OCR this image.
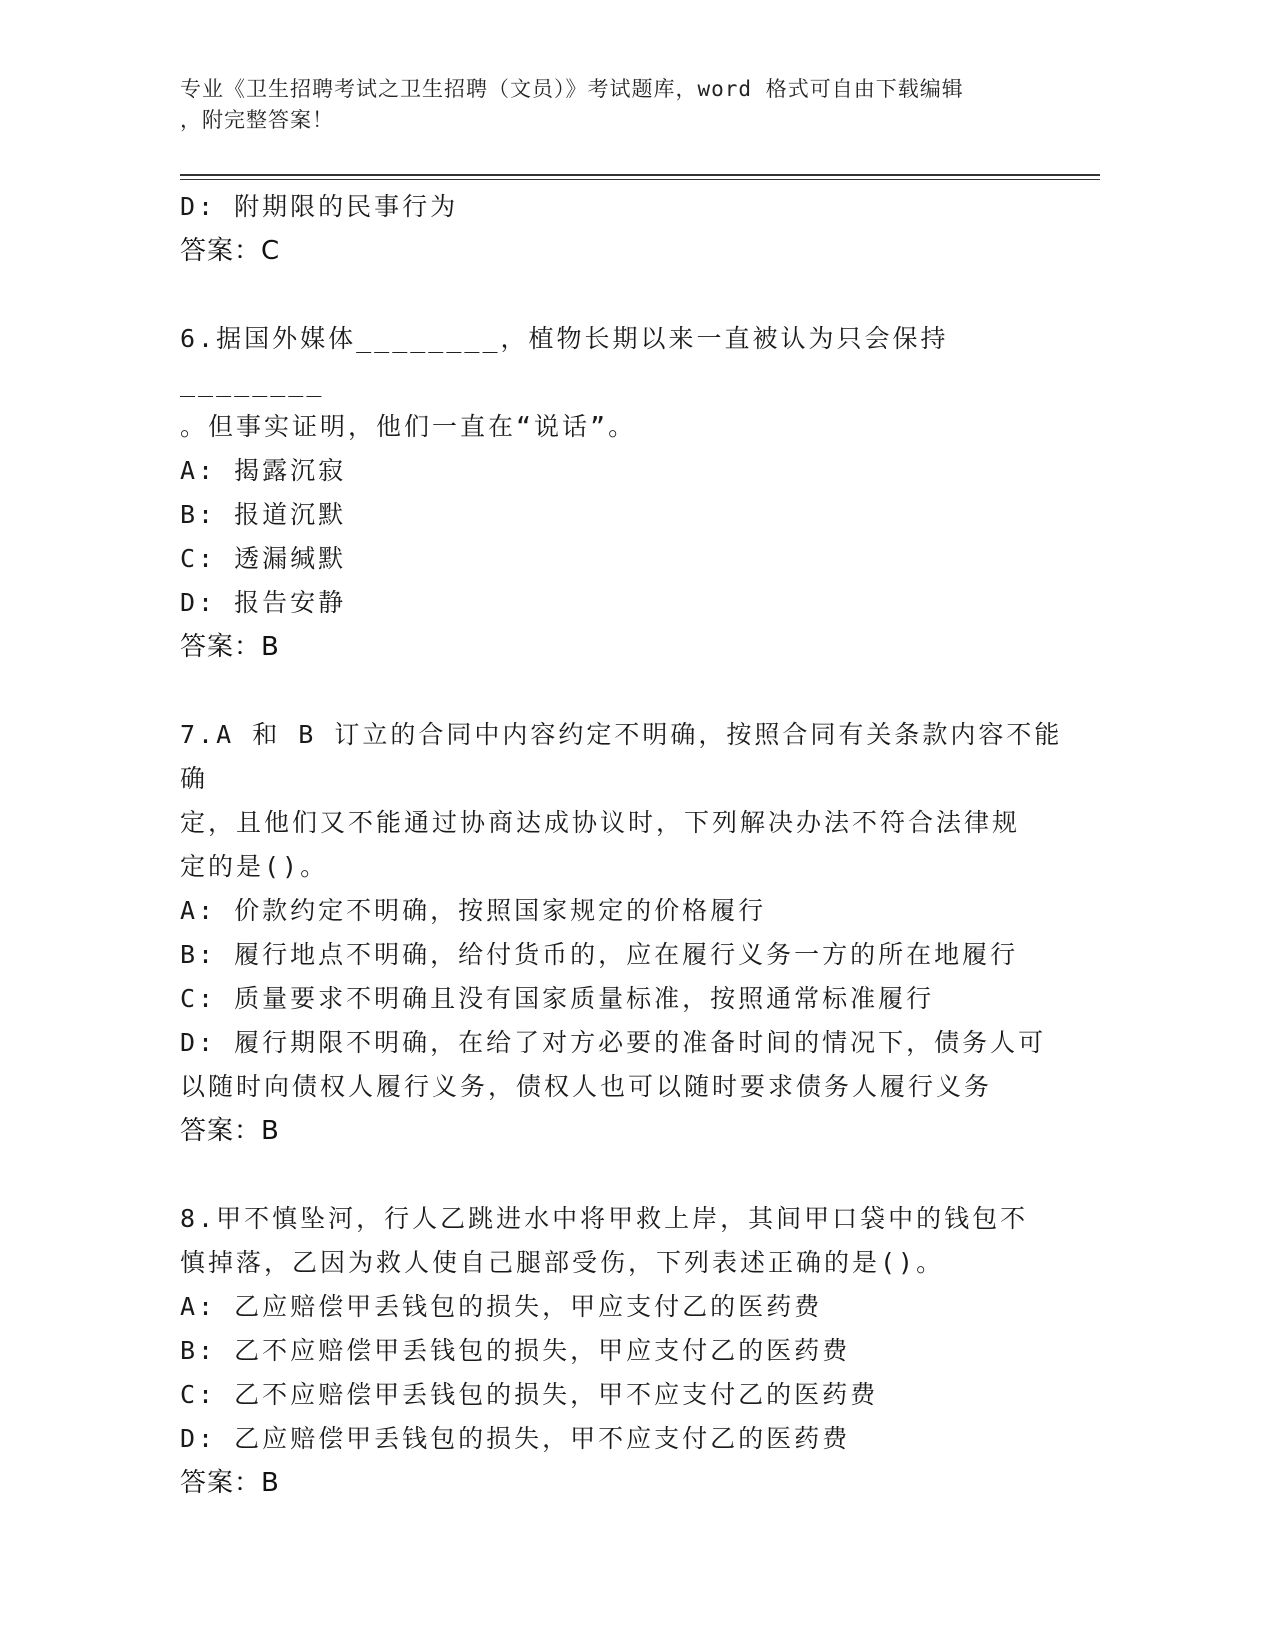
专业《卫生招聘考试之卫生招聘（文员）》考试题库，word 格式可自由下载编辑
，附完整答案！
D: 附期限的民事行为
答案：C
6.据国外媒体________，植物长期以来一直被认为只会保持________
。但事实证明，他们一直在“说话”。
A: 揭露沉寂
B: 报道沉默
C: 透漏缄默
D: 报告安静
答案：B
7.A 和 B 订立的合同中内容约定不明确，按照合同有关条款内容不能确
定，且他们又不能通过协商达成协议时，下列解决办法不符合法律规
定的是()。
A: 价款约定不明确，按照国家规定的价格履行
B: 履行地点不明确，给付货币的，应在履行义务一方的所在地履行
C: 质量要求不明确且没有国家质量标准，按照通常标准履行
D: 履行期限不明确，在给了对方必要的准备时间的情况下，债务人可
以随时向债权人履行义务，债权人也可以随时要求债务人履行义务
答案：B
8.甲不慎坠河，行人乙跳进水中将甲救上岸，其间甲口袋中的钱包不
慎掉落，乙因为救人使自己腿部受伤，下列表述正确的是()。
A: 乙应赔偿甲丢钱包的损失，甲应支付乙的医药费
B: 乙不应赔偿甲丢钱包的损失，甲应支付乙的医药费
C: 乙不应赔偿甲丢钱包的损失，甲不应支付乙的医药费
D: 乙应赔偿甲丢钱包的损失，甲不应支付乙的医药费
答案：B
